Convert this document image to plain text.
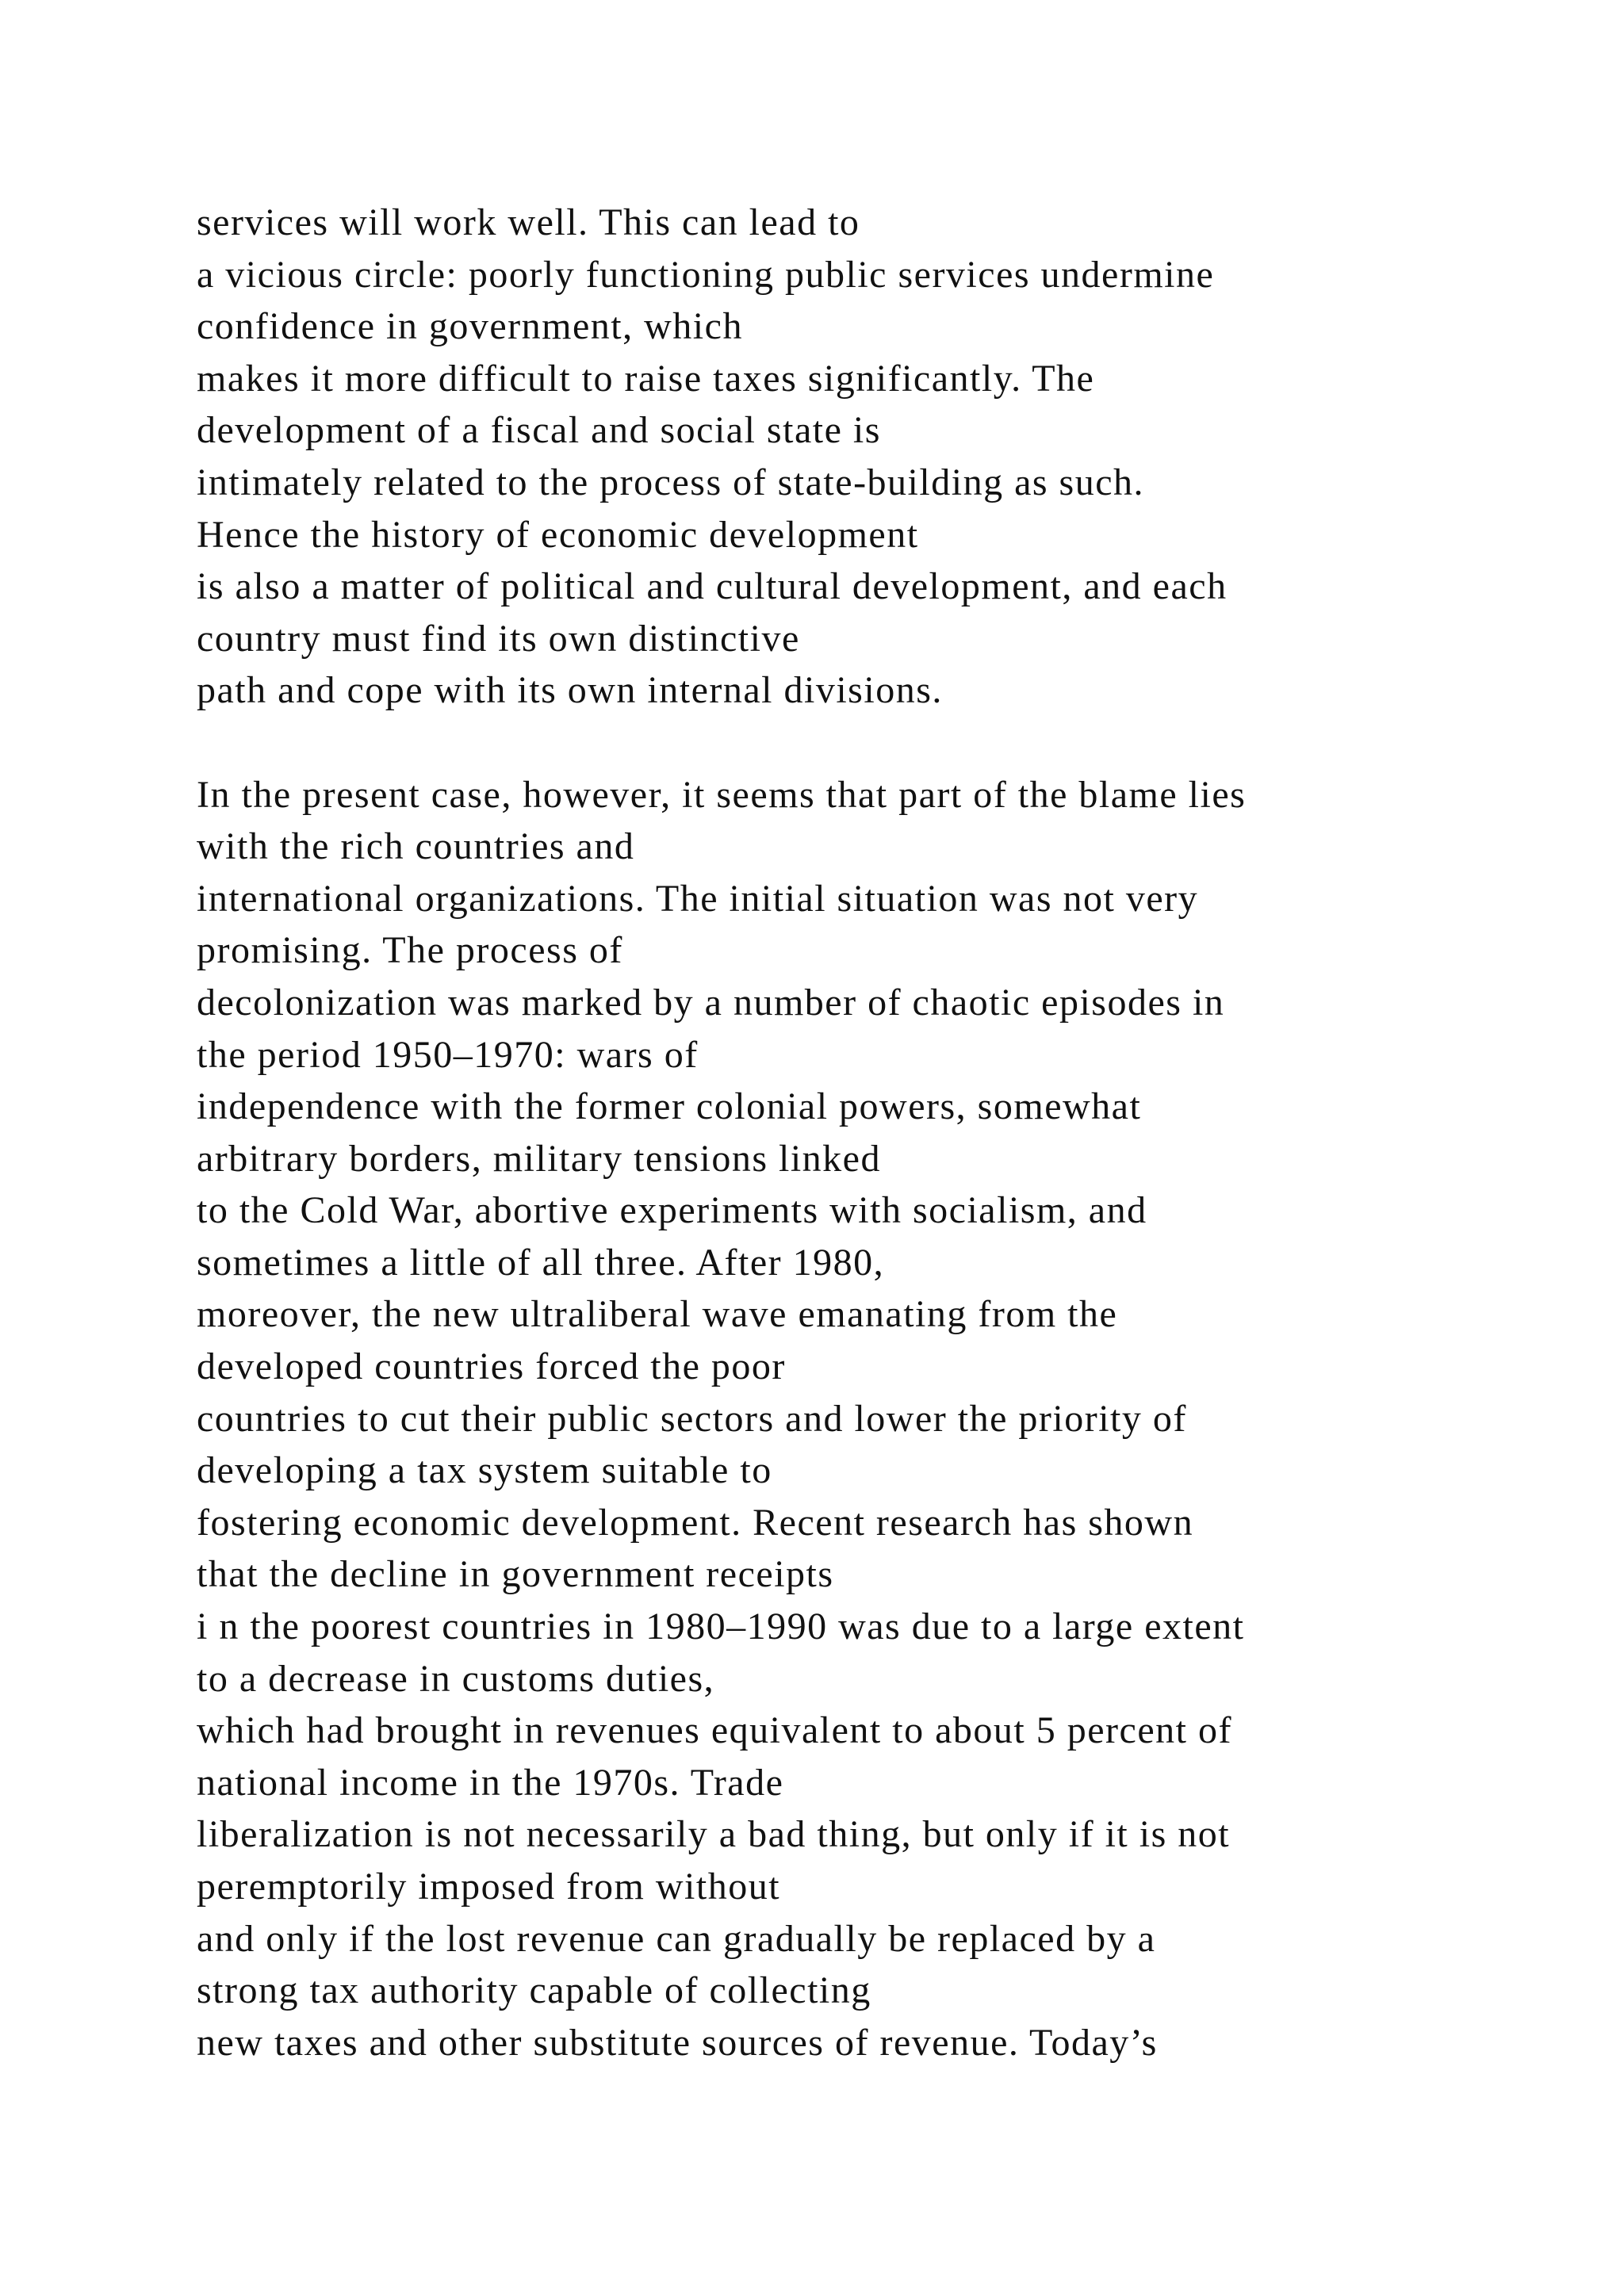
services will work well. This can lead to
a vicious circle: poorly functioning public services undermine
confidence in government, which
makes it more difficult to raise taxes significantly. The
development of a fiscal and social state is
intimately related to the process of state-building as such.
Hence the history of economic development
is also a matter of political and cultural development, and each
country must find its own distinctive
path and cope with its own internal divisions.
In the present case, however, it seems that part of the blame lies
with the rich countries and
international organizations. The initial situation was not very
promising. The process of
decolonization was marked by a number of chaotic episodes in
the period 1950–1970: wars of
independence with the former colonial powers, somewhat
arbitrary borders, military tensions linked
to the Cold War, abortive experiments with socialism, and
sometimes a little of all three. After 1980,
moreover, the new ultraliberal wave emanating from the
developed countries forced the poor
countries to cut their public sectors and lower the priority of
developing a tax system suitable to
fostering economic development. Recent research has shown
that the decline in government receipts
i n the poorest countries in 1980–1990 was due to a large extent
to a decrease in customs duties,
which had brought in revenues equivalent to about 5 percent of
national income in the 1970s. Trade
liberalization is not necessarily a bad thing, but only if it is not
peremptorily imposed from without
and only if the lost revenue can gradually be replaced by a
strong tax authority capable of collecting
new taxes and other substitute sources of revenue. Today’s
